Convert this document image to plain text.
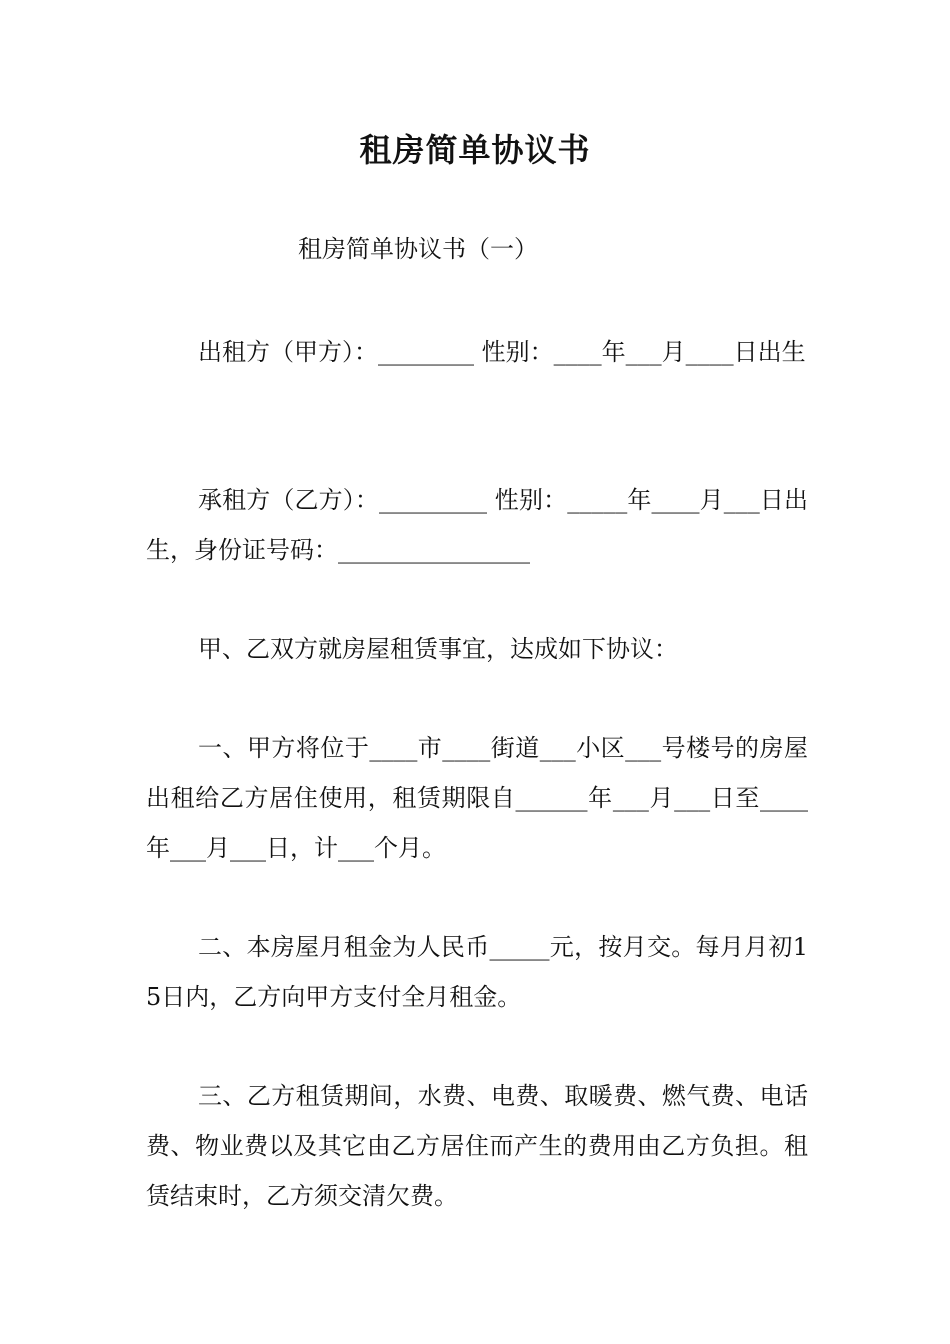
租房简单协议书
租房简单协议书（一）

出租方（甲方）：________ 性别：____年___月____日出生

承租方（乙方）：_________ 性别：_____年____月___日出生，身份证号码：________________

甲、乙双方就房屋租赁事宜，达成如下协议：

一、甲方将位于____市____街道___小区___号楼号的房屋出租给乙方居住使用，租赁期限自______年___月___日至____年___月___日，计___个月。

二、本房屋月租金为人民币_____元，按月交。每月月初15日内，乙方向甲方支付全月租金。

三、乙方租赁期间，水费、电费、取暖费、燃气费、电话费、物业费以及其它由乙方居住而产生的费用由乙方负担。租赁结束时，乙方须交清欠费。
